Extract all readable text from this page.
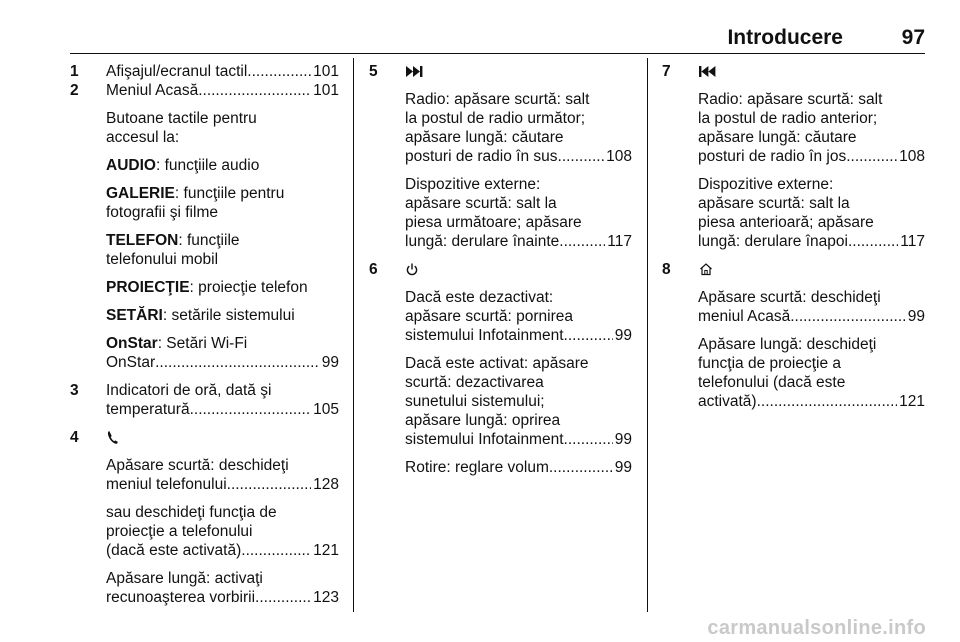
Introducere	97
1 Afişajul/ecranul tactil .....	101
2 Meniul Acasă .....	101
Butoane tactile pentru
accesul la:
AUDIO: funcţiile audio
GALERIE: funcţiile pentru
fotografii şi filme
TELEFON: funcţiile
telefonului mobil
PROIECŢIE: proiecţie telefon
SETĂRI: setările sistemului
OnStar: Setări Wi-Fi
OnStar .....	99
3 Indicatori de oră, dată şi
temperatură .....	105
4
Apăsare scurtă: deschideţi
meniul telefonului .....	128
sau deschideţi funcţia de
proiecţie a telefonului
(dacă este activată) .....	121
Apăsare lungă: activaţi
recunoaşterea vorbirii .....	123
5
Radio: apăsare scurtă: salt
la postul de radio următor;
apăsare lungă: căutare
posturi de radio în sus .....	108
Dispozitive externe:
apăsare scurtă: salt la
piesa următoare; apăsare
lungă: derulare înainte .....	117
6
Dacă este dezactivat:
apăsare scurtă: pornirea
sistemului Infotainment .....	99
Dacă este activat: apăsare
scurtă: dezactivarea
sunetului sistemului;
apăsare lungă: oprirea
sistemului Infotainment .....	99
Rotire: reglare volum .....	99
7
Radio: apăsare scurtă: salt
la postul de radio anterior;
apăsare lungă: căutare
posturi de radio în jos .....	108
Dispozitive externe:
apăsare scurtă: salt la
piesa anterioară; apăsare
lungă: derulare înapoi .....	117
8
Apăsare scurtă: deschideţi
meniul Acasă .....	99
Apăsare lungă: deschideţi
funcţia de proiecţie a
telefonului (dacă este
activată) .....	121
carmanualsonline.info
